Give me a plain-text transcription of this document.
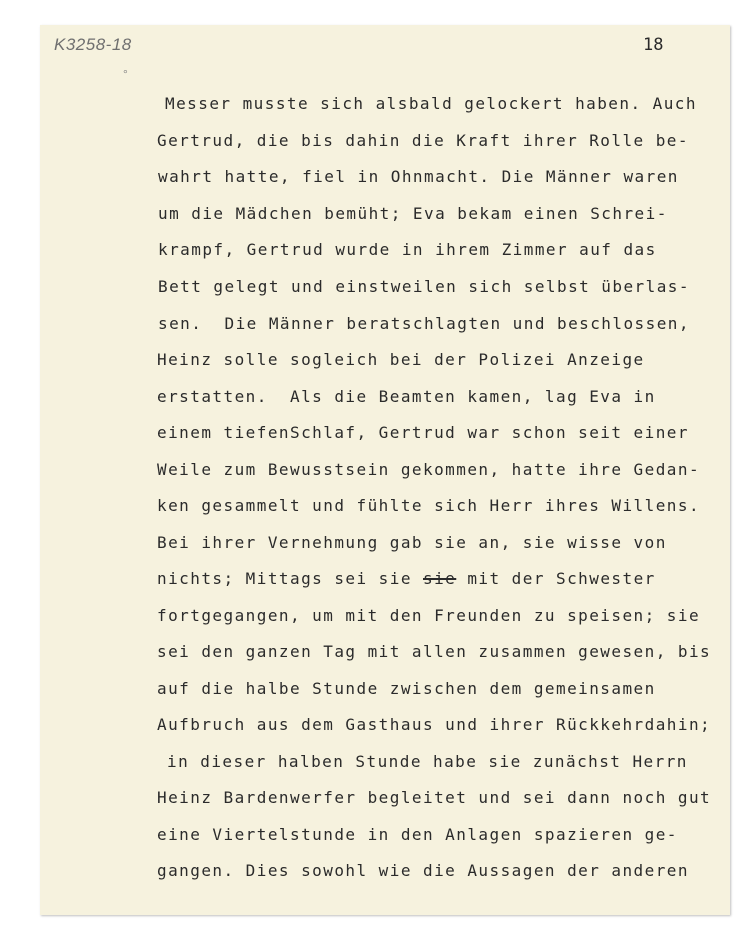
K3258-18	18
°
Messer musste sich alsbald gelockert haben. Auch
Gertrud, die bis dahin die Kraft ihrer Rolle be-
wahrt hatte, fiel in Ohnmacht. Die Männer waren
um die Mädchen bemüht; Eva bekam einen Schrei-
krampf, Gertrud wurde in ihrem Zimmer auf das
Bett gelegt und einstweilen sich selbst überlas-
sen.  Die Männer beratschlagten und beschlossen,
Heinz solle sogleich bei der Polizei Anzeige
erstatten.  Als die Beamten kamen, lag Eva in
einem tiefenSchlaf, Gertrud war schon seit einer
Weile zum Bewusstsein gekommen, hatte ihre Gedan-
ken gesammelt und fühlte sich Herr ihres Willens.
Bei ihrer Vernehmung gab sie an, sie wisse von
nichts; Mittags sei sie sie mit der Schwester
fortgegangen, um mit den Freunden zu speisen; sie
sei den ganzen Tag mit allen zusammen gewesen, bis
auf die halbe Stunde zwischen dem gemeinsamen
Aufbruch aus dem Gasthaus und ihrer Rückkehrdahin;
in dieser halben Stunde habe sie zunächst Herrn
Heinz Bardenwerfer begleitet und sei dann noch gut
eine Viertelstunde in den Anlagen spazieren ge-
gangen. Dies sowohl wie die Aussagen der anderen
